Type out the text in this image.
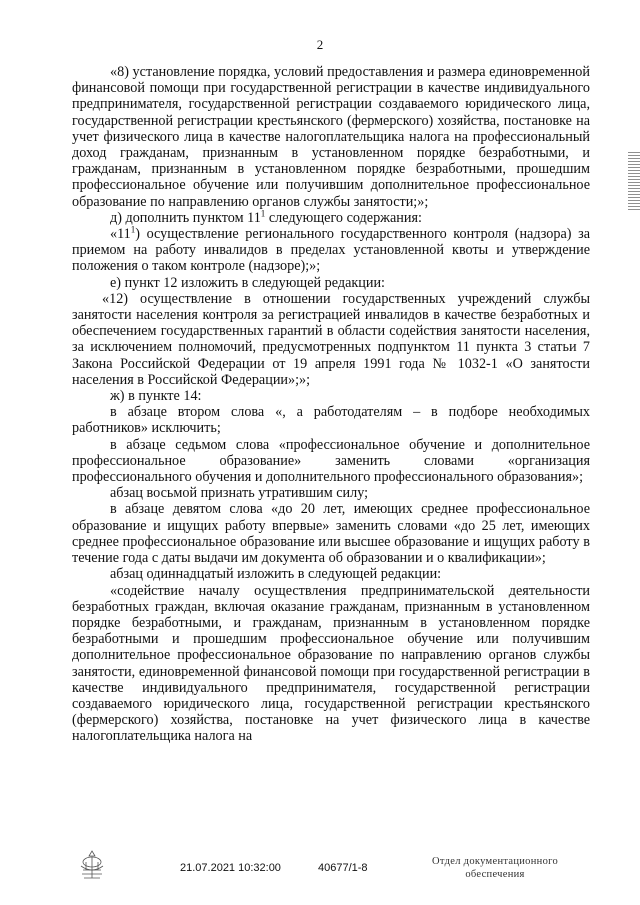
2

«8) установление порядка, условий предоставления и размера единовременной финансовой помощи при государственной регистрации в качестве индивидуального предпринимателя, государственной регистрации создаваемого юридического лица, государственной регистрации крестьянского (фермерского) хозяйства, постановке на учет физического лица в качестве налогоплательщика налога на профессиональный доход гражданам, признанным в установленном порядке безработными, и гражданам, признанным в установленном порядке безработными, прошедшим профессиональное обучение или получившим дополнительное профессиональное образование по направлению органов службы занятости;»;

д) дополнить пунктом $11^1$ следующего содержания:

«$11^1$) осуществление регионального государственного контроля (надзора) за приемом на работу инвалидов в пределах установленной квоты и утверждение положения о таком контроле (надзоре);»;

е) пункт 12 изложить в следующей редакции:

«12) осуществление в отношении государственных учреждений службы занятости населения контроля за регистрацией инвалидов в качестве безработных и обеспечением государственных гарантий в области содействия занятости населения, за исключением полномочий, предусмотренных подпунктом 11 пункта 3 статьи 7 Закона Российской Федерации от 19 апреля 1991 года № 1032-1 «О занятости населения в Российской Федерации»;»;

ж) в пункте 14:

в абзаце втором слова «, а работодателям – в подборе необходимых работников» исключить;

в абзаце седьмом слова «профессиональное обучение и дополнительное профессиональное образование» заменить словами «организация профессионального обучения и дополнительного профессионального образования»;

абзац восьмой признать утратившим силу;

в абзаце девятом слова «до 20 лет, имеющих среднее профессиональное образование и ищущих работу впервые» заменить словами «до 25 лет, имеющих среднее профессиональное образование или высшее образование и ищущих работу в течение года с даты выдачи им документа об образовании и о квалификации»;

абзац одиннадцатый изложить в следующей редакции:

«содействие началу осуществления предпринимательской деятельности безработных граждан, включая оказание гражданам, признанным в установленном порядке безработными, и гражданам, признанным в установленном порядке безработными и прошедшим профессиональное обучение или получившим дополнительное профессиональное образование по направлению органов службы занятости, единовременной финансовой помощи при государственной регистрации в качестве индивидуального предпринимателя, государственной регистрации создаваемого юридического лица, государственной регистрации крестьянского (фермерского) хозяйства, постановке на учет физического лица в качестве налогоплательщика налога на

21.07.2021 10:32:00	40677/1-8
Отдел документационного
обеспечения
